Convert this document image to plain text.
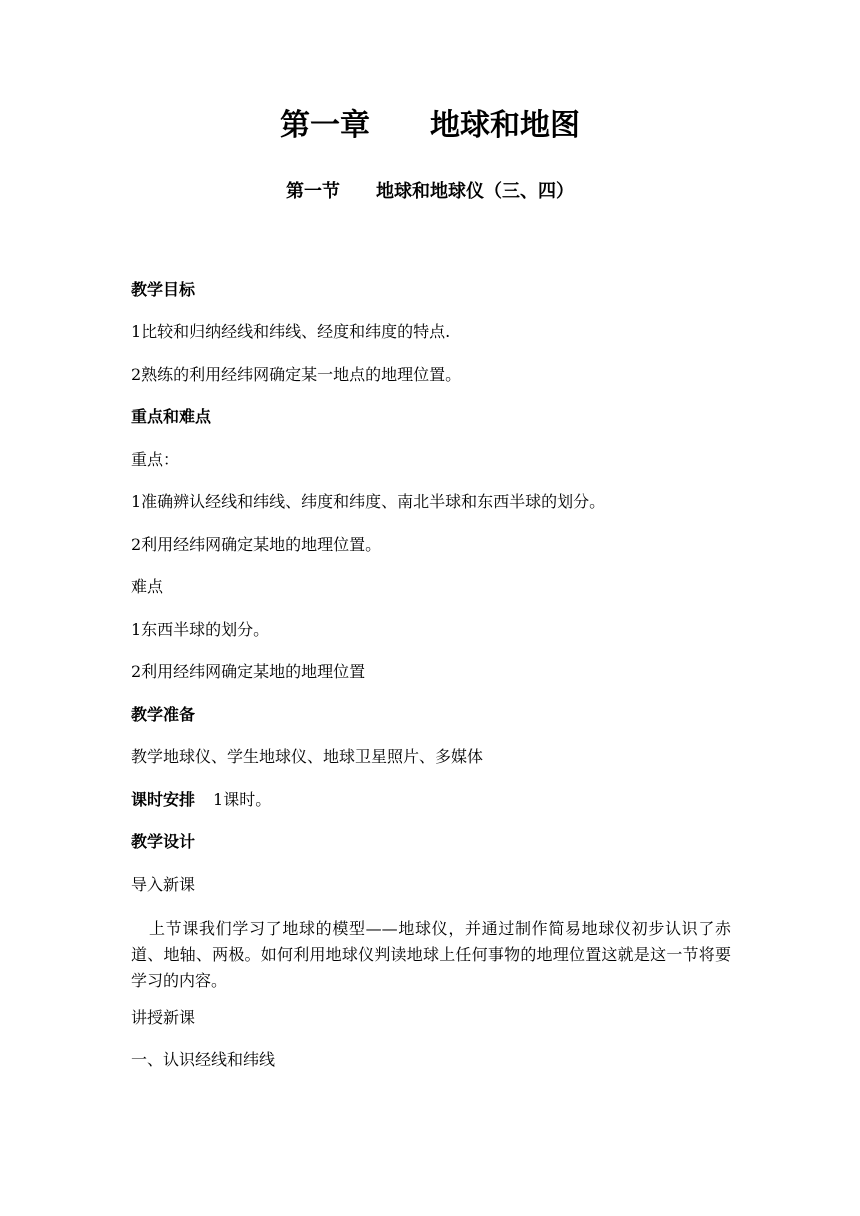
第一章　　地球和地图
第一节　　地球和地球仪（三、四）
教学目标
1比较和归纳经线和纬线、经度和纬度的特点.
2熟练的利用经纬网确定某一地点的地理位置。
重点和难点
重点：
1准确辨认经线和纬线、纬度和纬度、南北半球和东西半球的划分。
2利用经纬网确定某地的地理位置。
难点
1东西半球的划分。
2利用经纬网确定某地的地理位置
教学准备
教学地球仪、学生地球仪、地球卫星照片、多媒体
课时安排 1课时。
教学设计
导入新课
上节课我们学习了地球的模型——地球仪，并通过制作简易地球仪初步认识了赤道、地轴、两极。如何利用地球仪判读地球上任何事物的地理位置这就是这一节将要学习的内容。
讲授新课
一、认识经线和纬线
